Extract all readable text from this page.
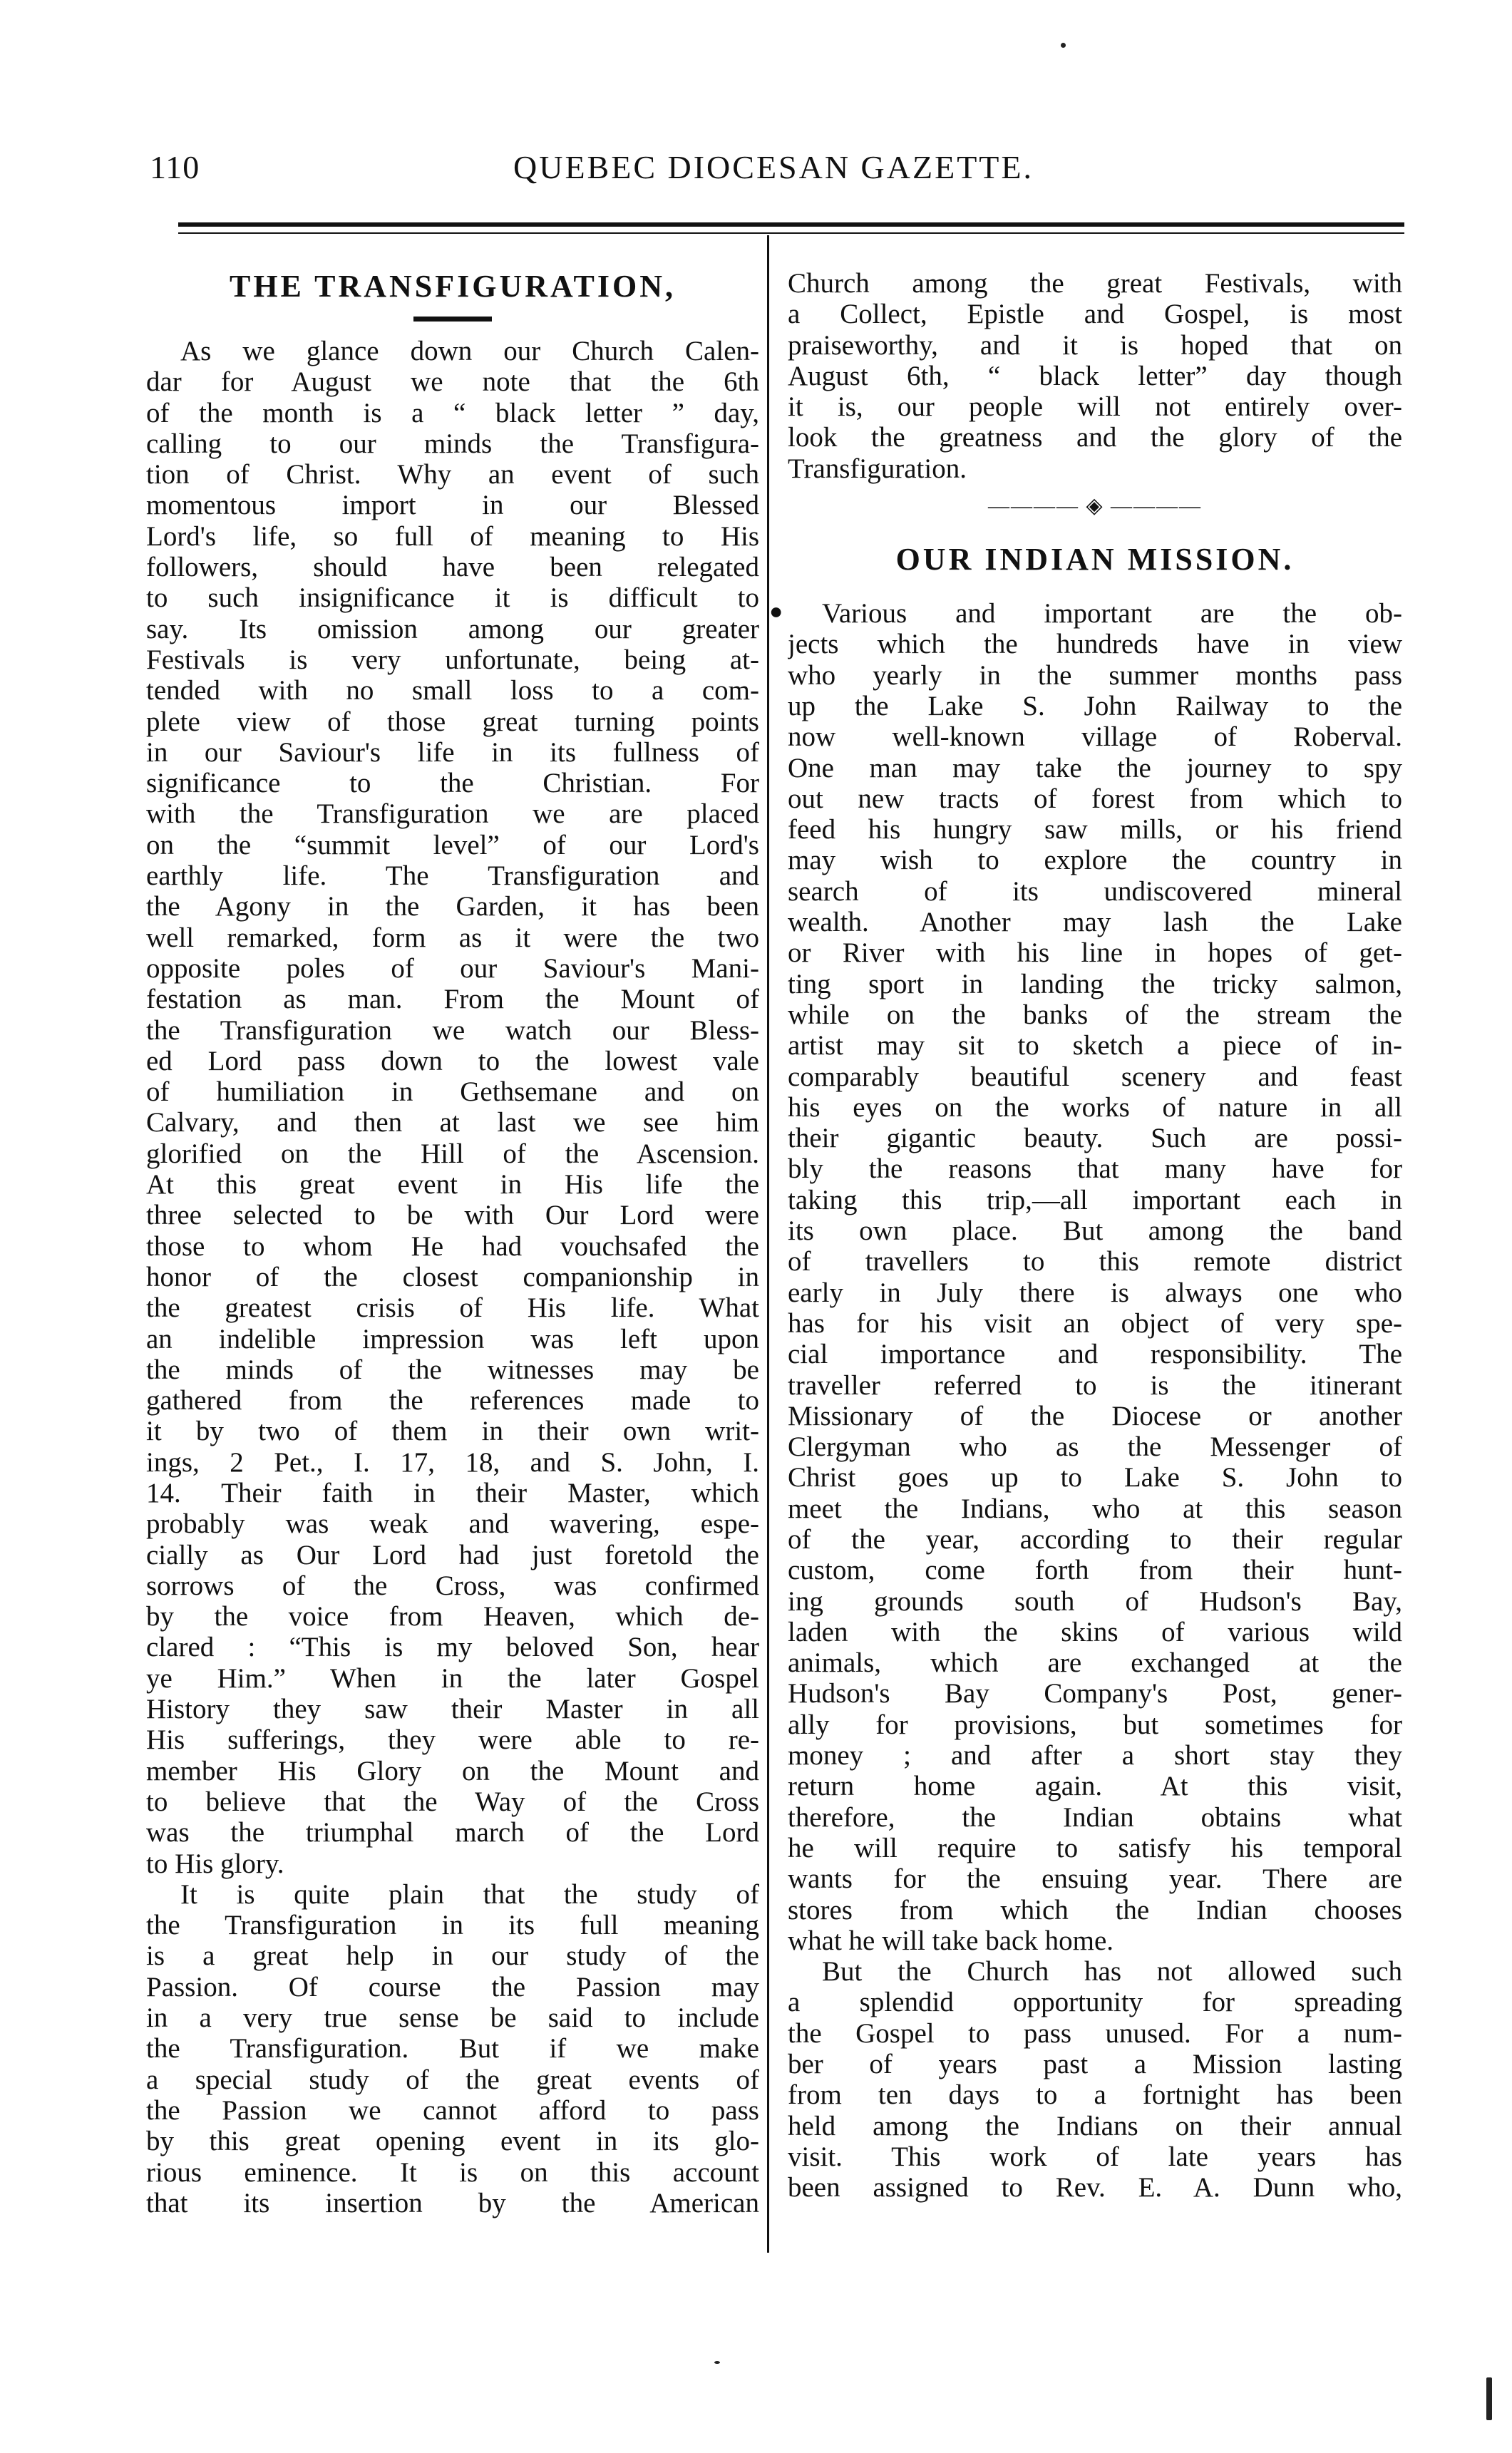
110	QUEBEC DIOCESAN GAZETTE.
THE TRANSFIGURATION,
As we glance down our Church Calen-
dar for August we note that the 6th
of the month is a “ black letter ” day,
calling to our minds the Transfigura-
tion of Christ. Why an event of such
momentous import in our Blessed
Lord's life, so full of meaning to His
followers, should have been relegated
to such insignificance it is difficult to
say. Its omission among our greater
Festivals is very unfortunate, being at-
tended with no small loss to a com-
plete view of those great turning points
in our Saviour's life in its fullness of
significance to the Christian. For
with the Transfiguration we are placed
on the “summit level” of our Lord's
earthly life. The Transfiguration and
the Agony in the Garden, it has been
well remarked, form as it were the two
opposite poles of our Saviour's Mani-
festation as man. From the Mount of
the Transfiguration we watch our Bless-
ed Lord pass down to the lowest vale
of humiliation in Gethsemane and on
Calvary, and then at last we see him
glorified on the Hill of the Ascension.
At this great event in His life the
three selected to be with Our Lord were
those to whom He had vouchsafed the
honor of the closest companionship in
the greatest crisis of His life. What
an indelible impression was left upon
the minds of the witnesses may be
gathered from the references made to
it by two of them in their own writ-
ings, 2 Pet., I. 17, 18, and S. John, I.
14. Their faith in their Master, which
probably was weak and wavering, espe-
cially as Our Lord had just foretold the
sorrows of the Cross, was confirmed
by the voice from Heaven, which de-
clared : “This is my beloved Son, hear
ye Him.” When in the later Gospel
History they saw their Master in all
His sufferings, they were able to re-
member His Glory on the Mount and
to believe that the Way of the Cross
was the triumphal march of the Lord
to His glory.
It is quite plain that the study of
the Transfiguration in its full meaning
is a great help in our study of the
Passion. Of course the Passion may
in a very true sense be said to include
the Transfiguration. But if we make
a special study of the great events of
the Passion we cannot afford to pass
by this great opening event in its glo-
rious eminence. It is on this account
that its insertion by the American
Church among the great Festivals, with
a Collect, Epistle and Gospel, is most
praiseworthy, and it is hoped that on
August 6th, “ black letter” day though
it is, our people will not entirely over-
look the greatness and the glory of the
Transfiguration.
———— ◈ ————
OUR INDIAN MISSION.
●	Various and important are the ob-
jects which the hundreds have in view
who yearly in the summer months pass
up the Lake S. John Railway to the
now well-known village of Roberval.
One man may take the journey to spy
out new tracts of forest from which to
feed his hungry saw mills, or his friend
may wish to explore the country in
search of its undiscovered mineral
wealth. Another may lash the Lake
or River with his line in hopes of get-
ting sport in landing the tricky salmon,
while on the banks of the stream the
artist may sit to sketch a piece of in-
comparably beautiful scenery and feast
his eyes on the works of nature in all
their gigantic beauty. Such are possi-
bly the reasons that many have for
taking this trip,—all important each in
its own place. But among the band
of travellers to this remote district
early in July there is always one who
has for his visit an object of very spe-
cial importance and responsibility. The
traveller referred to is the itinerant
Missionary of the Diocese or another
Clergyman who as the Messenger of
Christ goes up to Lake S. John to
meet the Indians, who at this season
of the year, according to their regular
custom, come forth from their hunt-
ing grounds south of Hudson's Bay,
laden with the skins of various wild
animals, which are exchanged at the
Hudson's Bay Company's Post, gener-
ally for provisions, but sometimes for
money ; and after a short stay they
return home again. At this visit,
therefore, the Indian obtains what
he will require to satisfy his temporal
wants for the ensuing year. There are
stores from which the Indian chooses
what he will take back home.
But the Church has not allowed such
a splendid opportunity for spreading
the Gospel to pass unused. For a num-
ber of years past a Mission lasting
from ten days to a fortnight has been
held among the Indians on their annual
visit. This work of late years has
been assigned to Rev. E. A. Dunn who,
